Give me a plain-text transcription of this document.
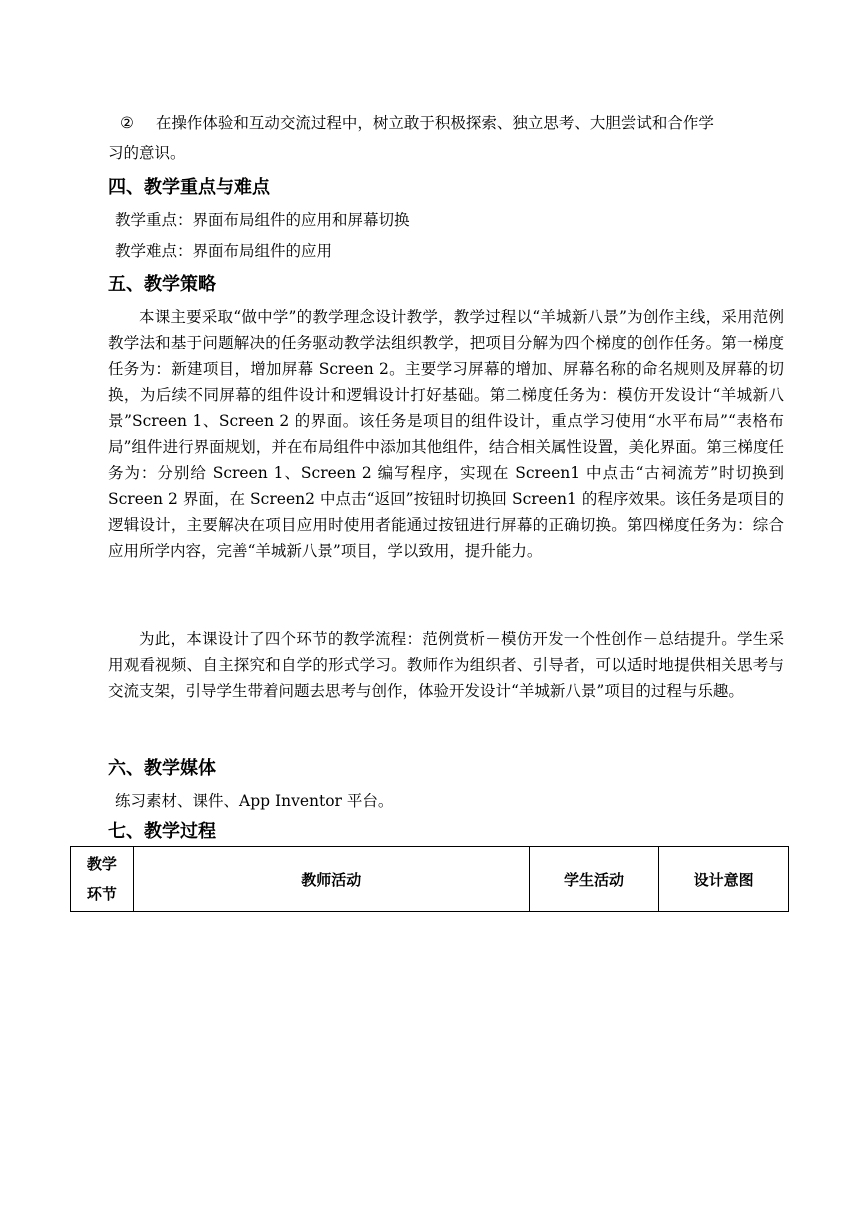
② 在操作体验和互动交流过程中，树立敢于积极探索、独立思考、大胆尝试和合作学

习的意识。

四、教学重点与难点

教学重点：界面布局组件的应用和屏幕切换

教学难点：界面布局组件的应用

五、教学策略

本课主要采取“做中学”的教学理念设计教学，教学过程以“羊城新八景”为创作主线，采用范例教学法和基于问题解决的任务驱动教学法组织教学，把项目分解为四个梯度的创作任务。第一梯度任务为：新建项目，增加屏幕 Screen 2。主要学习屏幕的增加、屏幕名称的命名规则及屏幕的切换，为后续不同屏幕的组件设计和逻辑设计打好基础。第二梯度任务为：模仿开发设计“羊城新八景”Screen 1、Screen 2 的界面。该任务是项目的组件设计，重点学习使用“水平布局”“表格布局”组件进行界面规划，并在布局组件中添加其他组件，结合相关属性设置，美化界面。第三梯度任务为：分别给 Screen 1、Screen 2 编写程序，实现在 Screen1 中点击“古祠流芳”时切换到 Screen 2 界面，在 Screen2 中点击“返回”按钮时切换回 Screen1 的程序效果。该任务是项目的逻辑设计，主要解决在项目应用时使用者能通过按钮进行屏幕的正确切换。第四梯度任务为：综合应用所学内容，完善“羊城新八景”项目，学以致用，提升能力。

为此，本课设计了四个环节的教学流程：范例赏析－模仿开发一个性创作－总结提升。学生采用观看视频、自主探究和自学的形式学习。教师作为组织者、引导者，可以适时地提供相关思考与交流支架，引导学生带着问题去思考与创作，体验开发设计“羊城新八景”项目的过程与乐趣。

六、教学媒体

练习素材、课件、App Inventor 平台。

七、教学过程
教学
环节	教师活动	学生活动	设计意图
